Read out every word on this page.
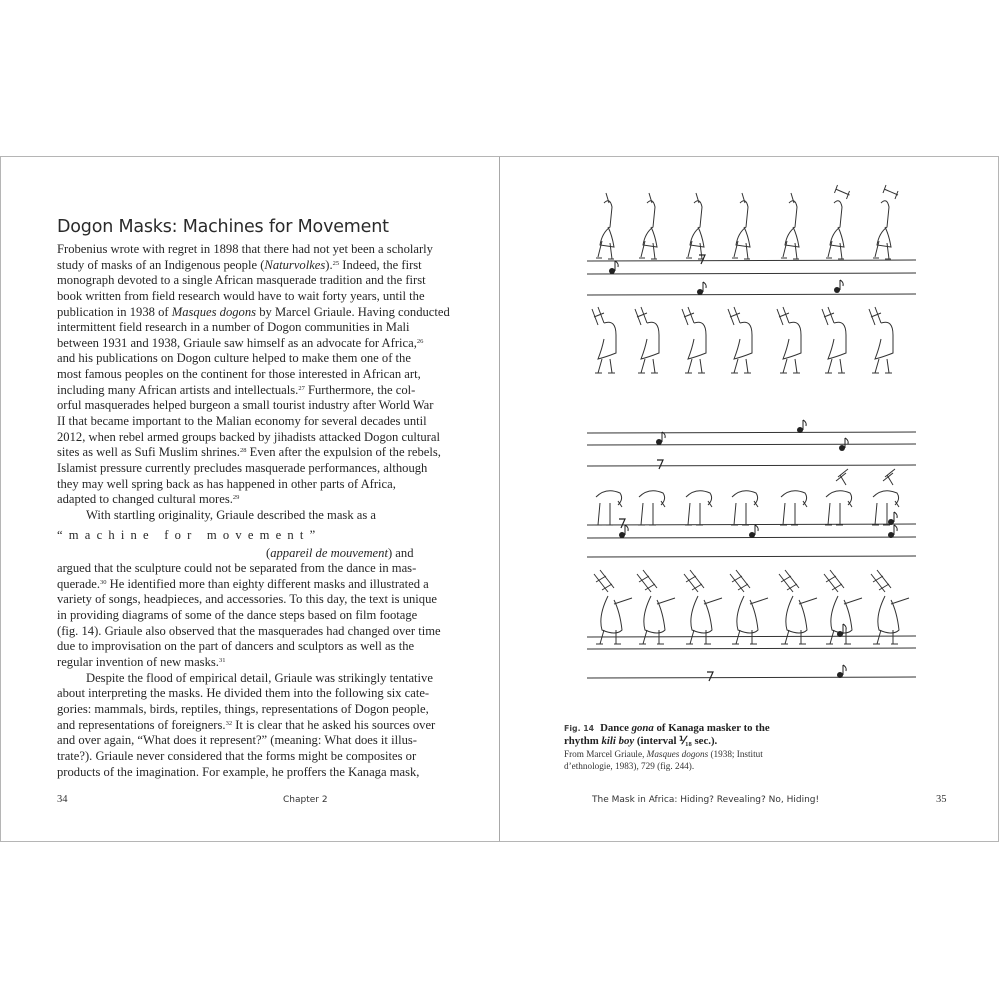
Dogon Masks: Machines for Movement
Frobenius wrote with regret in 1898 that there had not yet been a scholarly
study of masks of an Indigenous people (Naturvolkes).$^{25}$ Indeed, the first
monograph devoted to a single African masquerade tradition and the first
book written from field research would have to wait forty years, until the
publication in 1938 of Masques dogons by Marcel Griaule. Having conducted
intermittent field research in a number of Dogon communities in Mali
between 1931 and 1938, Griaule saw himself as an advocate for Africa,$^{26}$
and his publications on Dogon culture helped to make them one of the
most famous peoples on the continent for those interested in African art,
including many African artists and intellectuals.$^{27}$ Furthermore, the col-
orful masquerades helped burgeon a small tourist industry after World War
II that became important to the Malian economy for several decades until
2012, when rebel armed groups backed by jihadists attacked Dogon cultural
sites as well as Sufi Muslim shrines.$^{28}$ Even after the expulsion of the rebels,
Islamist pressure currently precludes masquerade performances, although
they may well spring back as has happened in other parts of Africa,
adapted to changed cultural mores.$^{29}$
With startling originality, Griaule described the mask as a
“machine for movement”
(appareil de mouvement) and
argued that the sculpture could not be separated from the dance in mas-
querade.$^{30}$ He identified more than eighty different masks and illustrated a
variety of songs, headpieces, and accessories. To this day, the text is unique
in providing diagrams of some of the dance steps based on film footage
(fig. 14). Griaule also observed that the masquerades had changed over time
due to improvisation on the part of dancers and sculptors as well as the
regular invention of new masks.$^{31}$
Despite the flood of empirical detail, Griaule was strikingly tentative
about interpreting the masks. He divided them into the following six cate-
gories: mammals, birds, reptiles, things, representations of Dogon people,
and representations of foreigners.$^{32}$ It is clear that he asked his sources over
and over again, “What does it represent?” (meaning: What does it illus-
trate?). Griaule never considered that the forms might be composites or
products of the imagination. For example, he proffers the Kanaga mask,
34	Chapter 2
Fig. 14 Dance gona of Kanaga masker to the
rhythm kili boy (interval ⅟₁₈ sec.).
From Marcel Griaule, Masques dogons (1938; Institut
d’ethnologie, 1983), 729 (fig. 244).
The Mask in Africa: Hiding? Revealing? No, Hiding!	35
